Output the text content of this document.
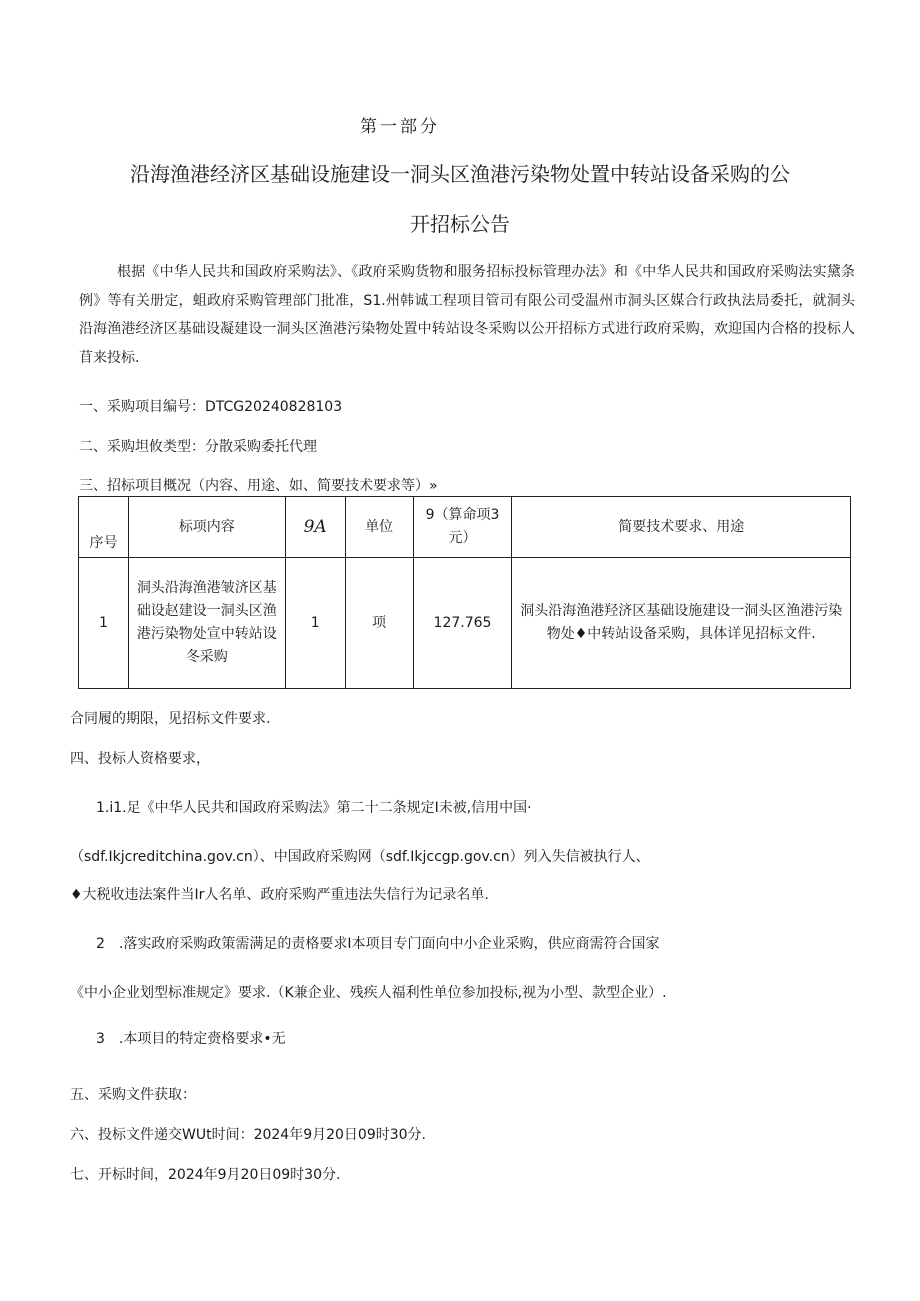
第一部分
沿海渔港经济区基础设施建设一洞头区渔港污染物处置中转站设备采购的公
开招标公告
根据《中华人民共和国政府采购法》、《政府采购货物和服务招标投标管理办法》和《中华人民共和国政府采购法实黛条例》等有关册定，蛆政府采购管理部门批准，S1.州韩诚工程项目管司有限公司受温州市洞头区媒合行政执法局委托，就洞头沿海渔港经济区基础设凝建设一洞头区渔港污染物处置中转站设冬采购以公开招标方式进行政府采购，欢迎国内合格的投标人苜来投标.
一、采购项目编号：DTCG20240828103
二、采购坦攸类型：分散采购委托代理
三、招标项目概况（内容、用途、如、简要技术要求等）»
序号	标项内容	9A	单位	9（算命项3元）	简要技术要求、用途
1	洞头沿海渔港皱济区基础设赵建设一洞头区渔港污染物处宣中转站设冬采购	1	项	127.765	洞头沿海渔港羟济区基础设施建设一洞头区渔港污染物处♦中转站设备采购，具体详见招标文件.
合同履的期限，见招标文件要求.
四、投标人资格要求，
1.i1.足《中华人民共和国政府采购法》第二十二条规定I未被,信用中国·
（sdf.Ikjcreditchina.gov.cn）、中国政府采购网（sdf.Ikjccgp.gov.cn）列入失信被执行人、
♦大税收违法案件当Ir人名单、政府采购严重违法失信行为记录名单.
2　.落实政府采购政策需满足的责格要求I本项目专门面向中小企业采购，供应商需符合国家
《中小企业划型标准规定》要求.（K兼企业、残疾人福利性单位参加投标,视为小型、款型企业）.
3　.本项目的特定赍格要求•无
五、采购文件获取：
六、投标文件递交WUt时间：2024年9月20日09时30分.
七、开标时间，2024年9月20日09时30分.
